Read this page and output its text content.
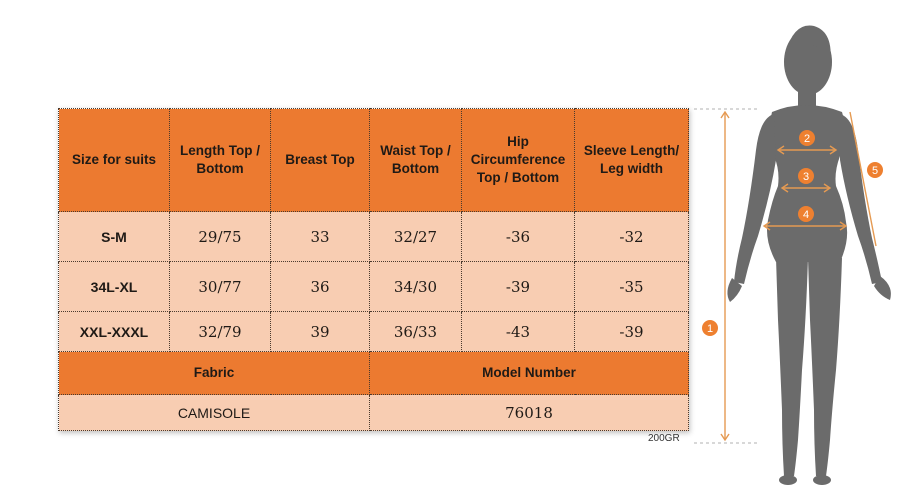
Size for suits	Length Top / Bottom	Breast Top	Waist Top / Bottom	Hip Circumference Top / Bottom	Sleeve Length/ Leg width
S-M	29/75	33	32/27	-36	-32
34L-XL	30/77	36	34/30	-39	-35
XXL-XXXL	32/79	39	36/33	-43	-39
Fabric			Model Number		
CAMISOLE			76018		
200GR
1
2
3
4
5
